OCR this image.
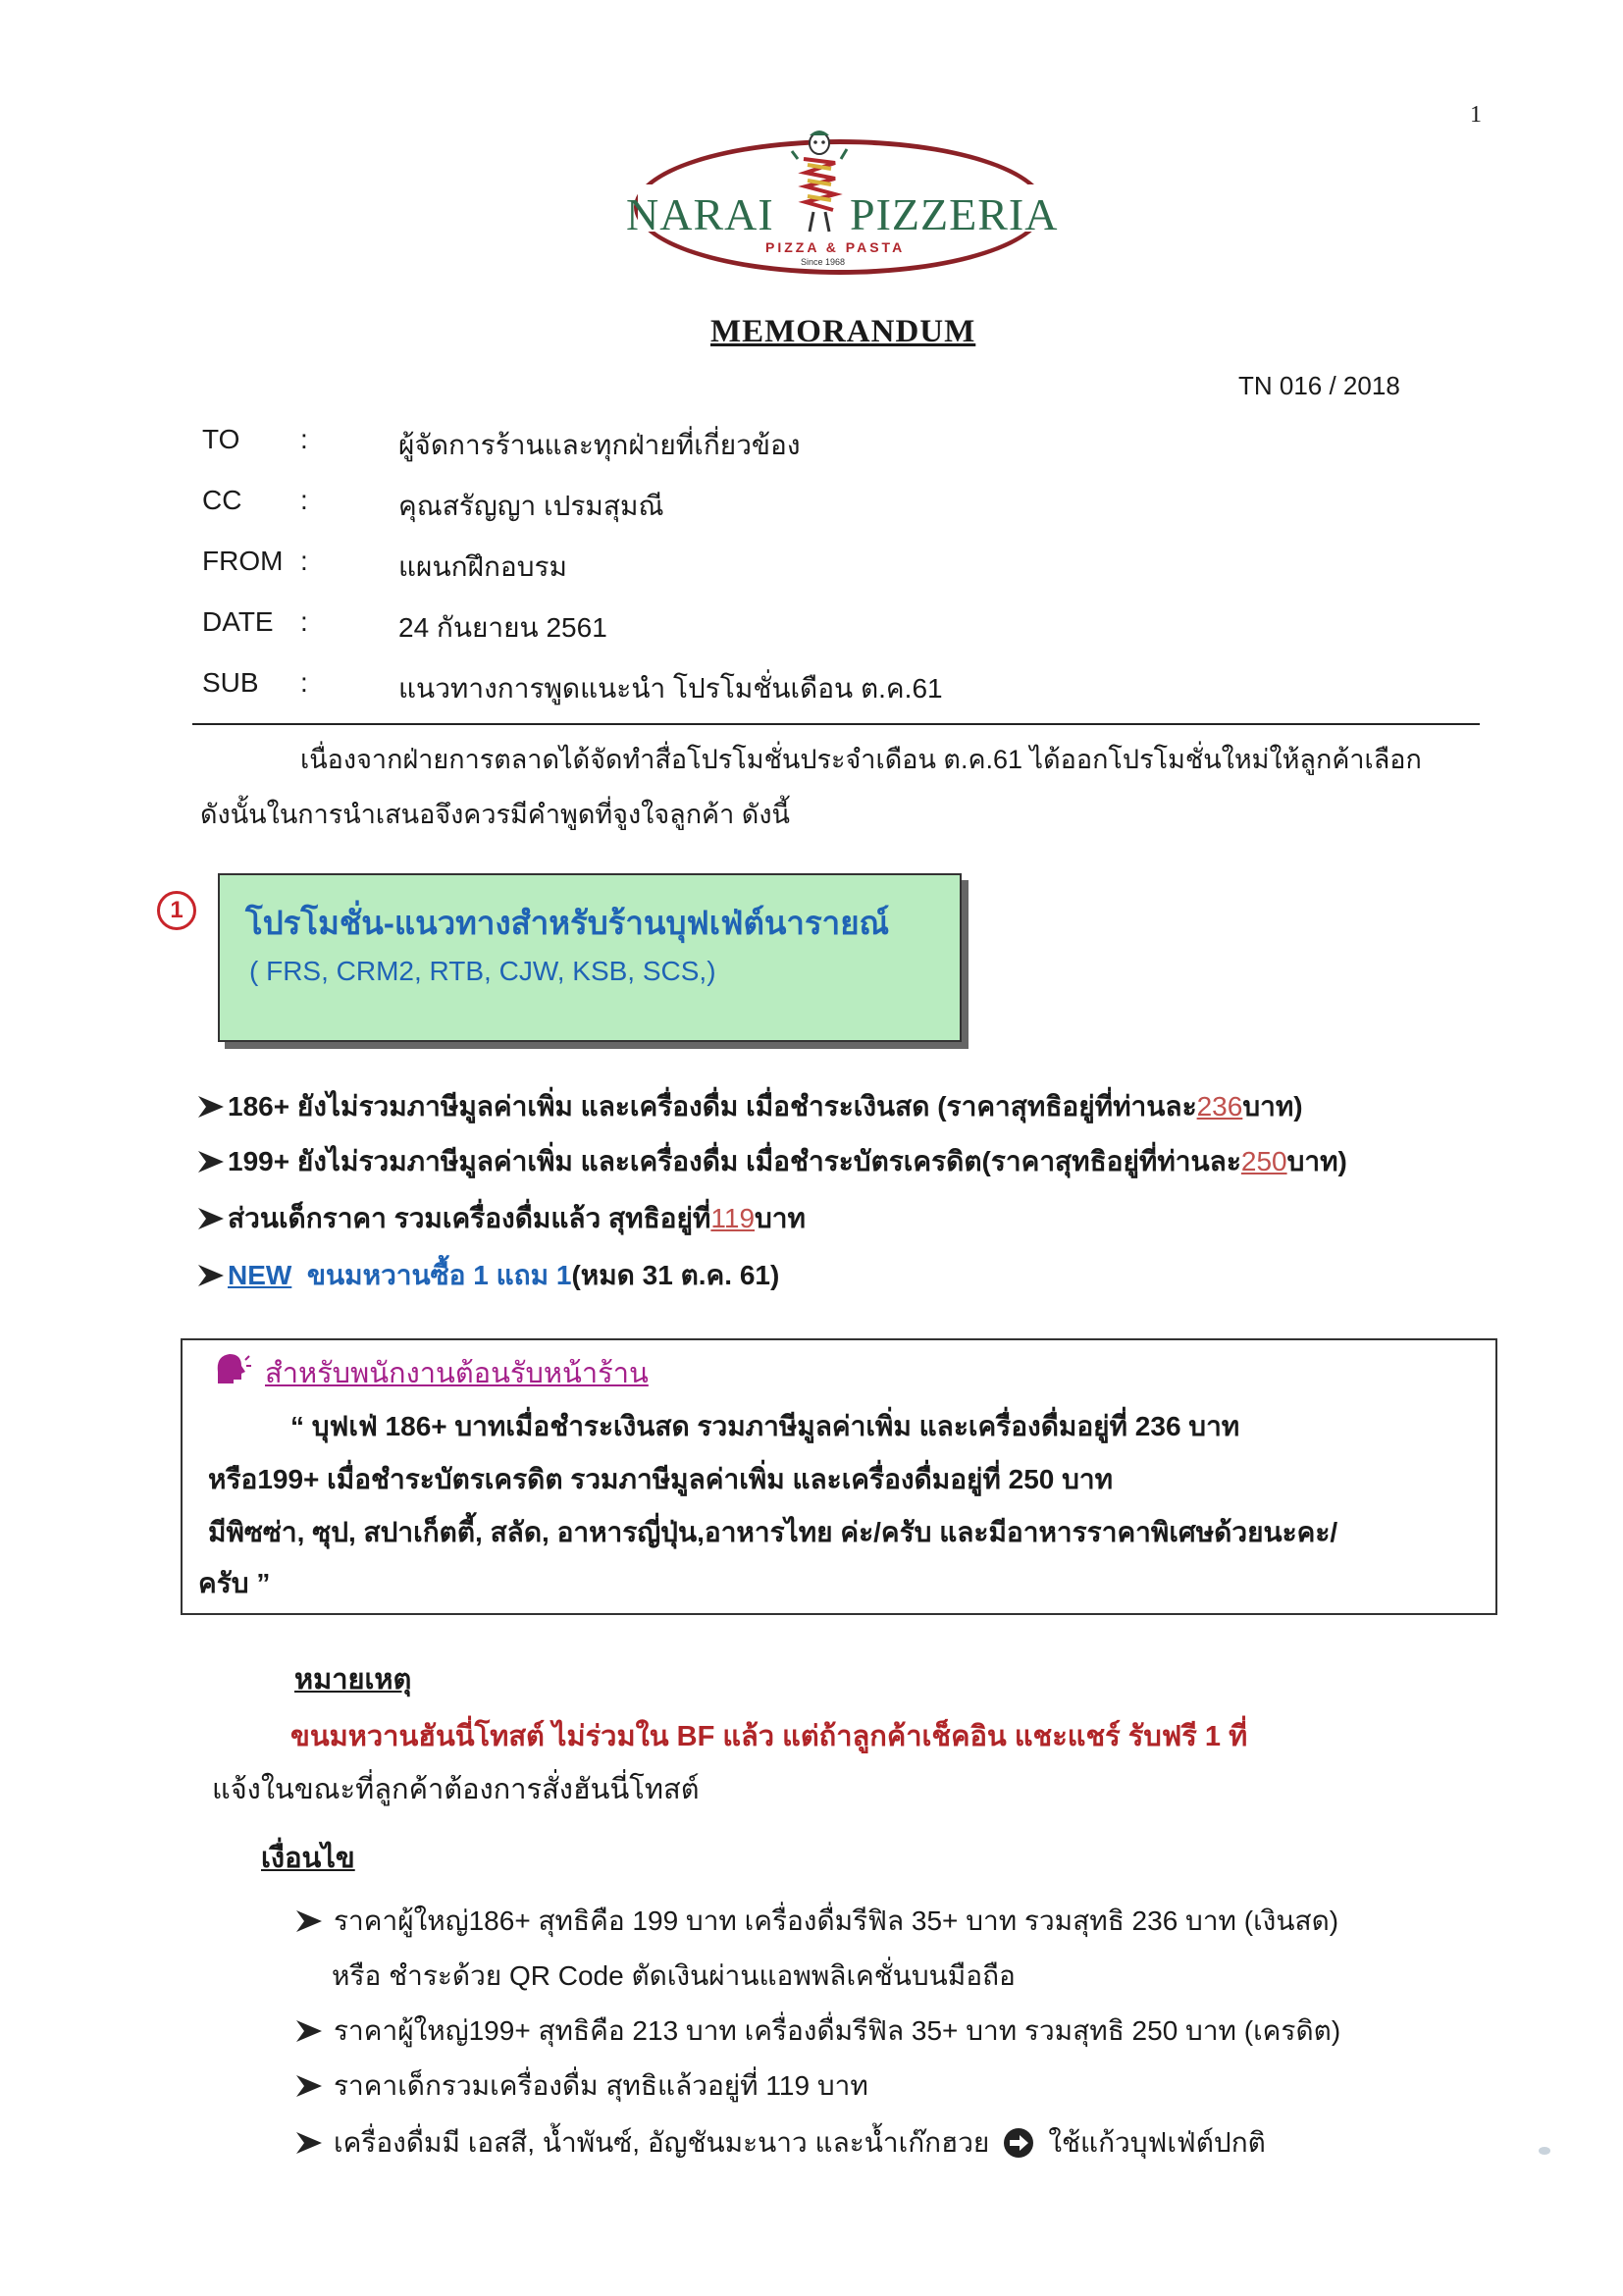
1
NARAI PIZZERIA
PIZZA & PASTA
Since 1968
MEMORANDUM
TN 016 / 2018
TO	:	ผู้จัดการร้านและทุกฝ่ายที่เกี่ยวข้อง
CC	:	คุณสรัญญา เปรมสุมณี
FROM :	แผนกฝึกอบรม
DATE :	24 กันยายน 2561
SUB	:	แนวทางการพูดแนะนำ โปรโมชั่นเดือน ต.ค.61
เนื่องจากฝ่ายการตลาดได้จัดทำสื่อโปรโมชั่นประจำเดือน ต.ค.61 ได้ออกโปรโมชั่นใหม่ให้ลูกค้าเลือก
ดังนั้นในการนำเสนอจึงควรมีคำพูดที่จูงใจลูกค้า ดังนี้
1	โปรโมชั่น-แนวทางสำหรับร้านบุฟเฟ่ต์นารายณ์
( FRS, CRM2, RTB, CJW, KSB, SCS,)
186+ ยังไม่รวมภาษีมูลค่าเพิ่ม และเครื่องดื่ม เมื่อชำระเงินสด (ราคาสุทธิอยู่ที่ท่านละ 236 บาท)
199+ ยังไม่รวมภาษีมูลค่าเพิ่ม และเครื่องดื่ม เมื่อชำระบัตรเครดิต(ราคาสุทธิอยู่ที่ท่านละ 250 บาท)
ส่วนเด็กราคา รวมเครื่องดื่มแล้ว สุทธิอยู่ที่ 119 บาท
NEW ขนมหวานซื้อ 1 แถม 1 (หมด 31 ต.ค. 61)
สำหรับพนักงานต้อนรับหน้าร้าน
“ บุฟเฟ่ 186+ บาทเมื่อชำระเงินสด รวมภาษีมูลค่าเพิ่ม และเครื่องดื่มอยู่ที่ 236 บาท
หรือ199+ เมื่อชำระบัตรเครดิต รวมภาษีมูลค่าเพิ่ม และเครื่องดื่มอยู่ที่ 250 บาท
มีพิซซ่า, ซุป, สปาเก็ตตี้, สลัด, อาหารญี่ปุ่น,อาหารไทย ค่ะ/ครับ และมีอาหารราคาพิเศษด้วยนะคะ/
ครับ ”
หมายเหตุ
ขนมหวานฮันนี่โทสต์ ไม่ร่วมใน BF แล้ว แต่ถ้าลูกค้าเช็คอิน แชะแชร์ รับฟรี 1 ที่
แจ้งในขณะที่ลูกค้าต้องการสั่งฮันนี่โทสต์
เงื่อนไข
ราคาผู้ใหญ่186+ สุทธิคือ 199 บาท เครื่องดื่มรีฟิล 35+ บาท รวมสุทธิ 236 บาท (เงินสด)
หรือ ชำระด้วย QR Code ตัดเงินผ่านแอพพลิเคชั่นบนมือถือ
ราคาผู้ใหญ่199+ สุทธิคือ 213 บาท เครื่องดื่มรีฟิล 35+ บาท รวมสุทธิ 250 บาท (เครดิต)
ราคาเด็กรวมเครื่องดื่ม สุทธิแล้วอยู่ที่ 119 บาท
เครื่องดื่มมี เอสสี, น้ำพันซ์, อัญชันมะนาว และน้ำเก๊กฮวย ใช้แก้วบุฟเฟ่ต์ปกติ
